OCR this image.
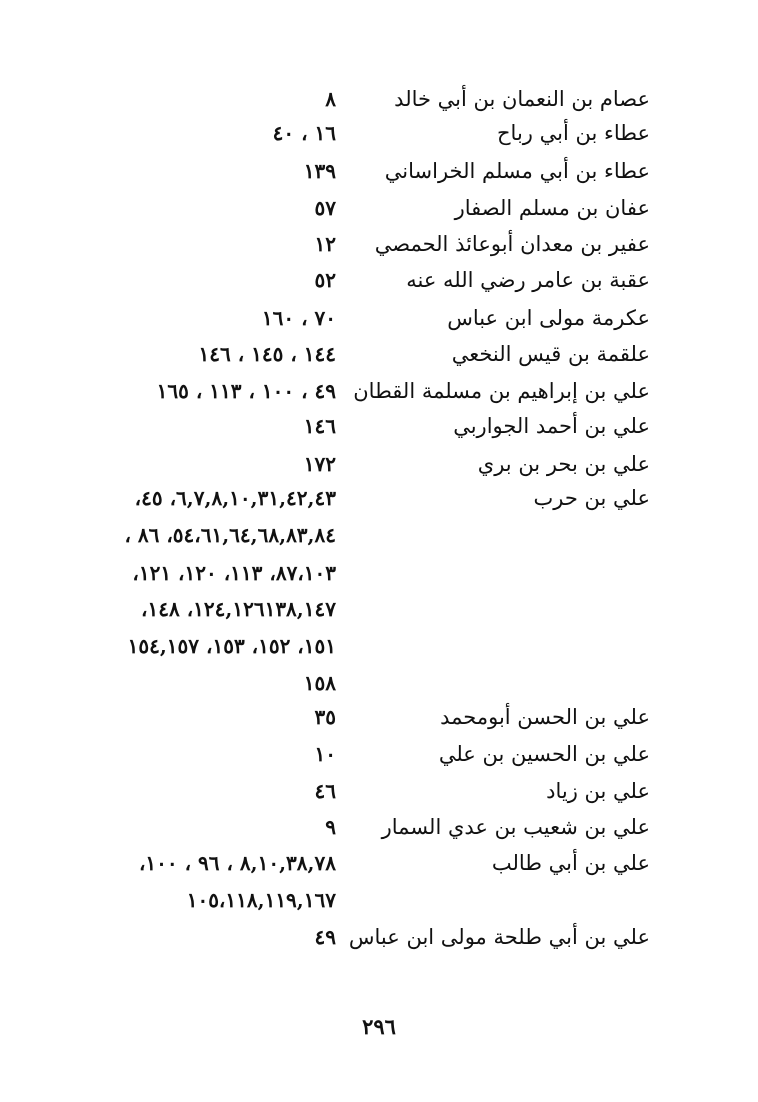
عصام بن النعمان بن أبي خالد
٨
عطاء بن أبي رباح
١٦ ، ٤٠
عطاء بن أبي مسلم الخراساني
١٣٩
عفان بن مسلم الصفار
٥٧
عفير بن معدان أبوعائذ الحمصي
١٢
عقبة بن عامر رضي الله عنه
٥٢
عكرمة مولى ابن عباس
٧٠ ، ١٦٠
علقمة بن قيس النخعي
١٤٤ ، ١٤٥ ، ١٤٦
علي بن إبراهيم بن مسلمة القطان
٤٩ ، ١٠٠ ، ١١٣ ، ١٦٥
علي بن أحمد الجواربي
١٤٦
علي بن بحر بن بري
١٧٢
علي بن حرب
٦,٧,٨,١٠,٣١,٤٢,٤٣، ٤٥،
٥٤،٦١,٦٤,٦٨,٨٣,٨٤، ٨٦ ،
٨٧،١٠٣، ١١٣، ١٢٠، ١٢١،
١٢٤,١٢٦١٣٨,١٤٧، ١٤٨،
١٥١، ١٥٢، ١٥٣، ١٥٤,١٥٧
١٥٨
علي بن الحسن أبومحمد
٣٥
علي بن الحسين بن علي
١٠
علي بن زياد
٤٦
علي بن شعيب بن عدي السمار
٩
علي بن أبي طالب
٨,١٠,٣٨,٧٨ ، ٩٦ ، ١٠٠،
١٠٥،١١٨,١١٩,١٦٧
علي بن أبي طلحة مولى ابن عباس
٤٩
٢٩٦
